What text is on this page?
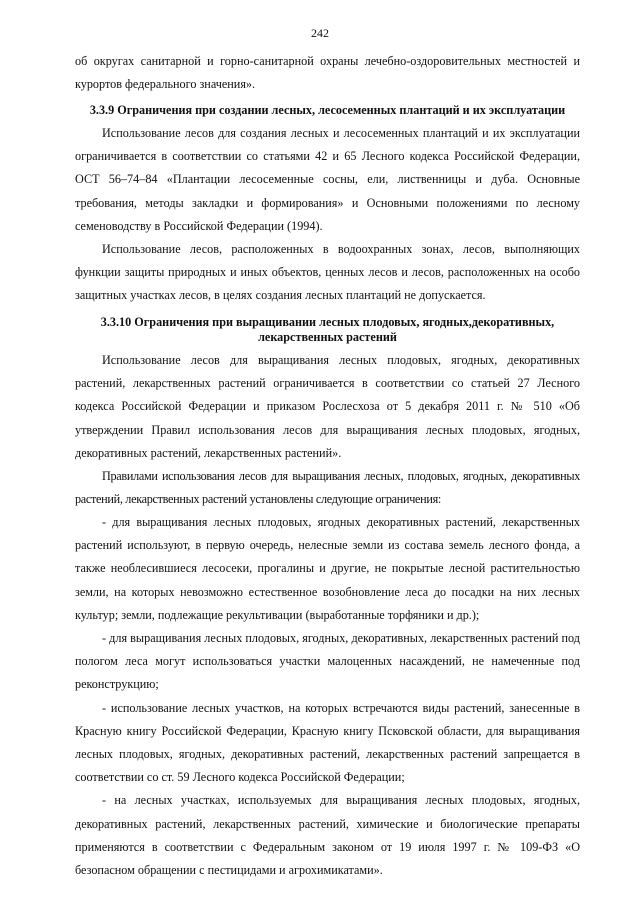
242

об округах санитарной и горно-санитарной охраны лечебно-оздоровительных местностей и курортов федерального значения».

3.3.9 Ограничения при создании лесных, лесосеменных плантаций и их эксплуатации

Использование лесов для создания лесных и лесосеменных плантаций и их эксплуатации ограничивается в соответствии со статьями 42 и 65 Лесного кодекса Российской Федерации, ОСТ 56–74–84 «Плантации лесосеменные сосны, ели, лиственницы и дуба. Основные требования, методы закладки и формирования» и Основными положениями по лесному семеноводству в Российской Федерации (1994).

Использование лесов, расположенных в водоохранных зонах, лесов, выполняющих функции защиты природных и иных объектов, ценных лесов и лесов, расположенных на особо защитных участках лесов, в целях создания лесных плантаций не допускается.

3.3.10 Ограничения при выращивании лесных плодовых, ягодных,декоративных,
лекарственных растений

Использование лесов для выращивания лесных плодовых, ягодных, декоративных растений, лекарственных растений ограничивается в соответствии со статьей 27 Лесного кодекса Российской Федерации и приказом Рослесхоза от 5 декабря 2011 г. № 510 «Об утверждении Правил использования лесов для выращивания лесных плодовых, ягодных, декоративных растений, лекарственных растений».

Правилами использования лесов для выращивания лесных, плодовых, ягодных, декоративных растений, лекарственных растений установлены следующие ограничения:

- для выращивания лесных плодовых, ягодных декоративных растений, лекарственных растений используют, в первую очередь, нелесные земли из состава земель лесного фонда, а также необлесившиеся лесосеки, прогалины и другие, не покрытые лесной растительностью земли, на которых невозможно естественное возобновление леса до посадки на них лесных культур; земли, подлежащие рекультивации (выработанные торфяники и др.);

- для выращивания лесных плодовых, ягодных, декоративных, лекарственных растений под пологом леса могут использоваться участки малоценных насаждений, не намеченные под реконструкцию;

- использование лесных участков, на которых встречаются виды растений, занесенные в Красную книгу Российской Федерации, Красную книгу Псковской области, для выращивания лесных плодовых, ягодных, декоративных растений, лекарственных растений запрещается в соответствии со ст. 59 Лесного кодекса Российской Федерации;

- на лесных участках, используемых для выращивания лесных плодовых, ягодных, декоративных растений, лекарственных растений, химические и биологические препараты применяются в соответствии с Федеральным законом от 19 июля 1997 г. № 109-ФЗ «О безопасном обращении с пестицидами и агрохимикатами».
